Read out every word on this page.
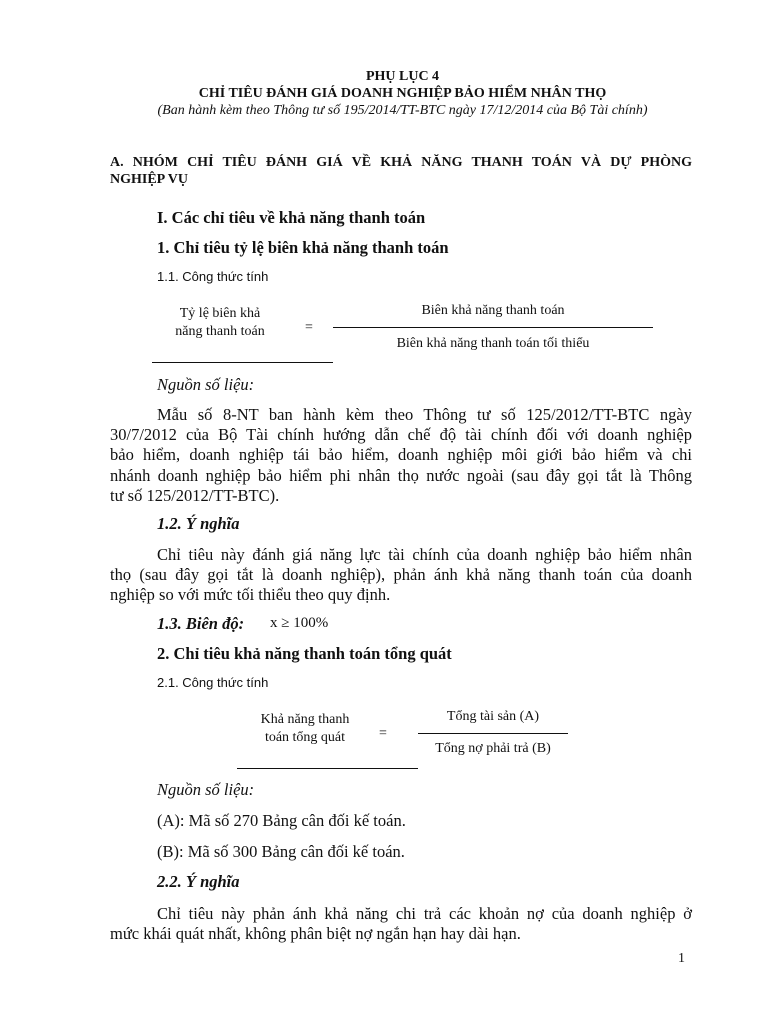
PHỤ LỤC 4
CHỈ TIÊU ĐÁNH GIÁ DOANH NGHIỆP BẢO HIỂM NHÂN THỌ
(Ban hành kèm theo Thông tư số 195/2014/TT-BTC ngày 17/12/2014 của Bộ Tài chính)
A. NHÓM CHỈ TIÊU ĐÁNH GIÁ VỀ KHẢ NĂNG THANH TOÁN VÀ DỰ PHÒNG
NGHIỆP VỤ
I. Các chỉ tiêu về khả năng thanh toán
1. Chỉ tiêu tỷ lệ biên khả năng thanh toán
1.1. Công thức tính
Tỷ lệ biên khả
năng thanh toán	=
Biên khả năng thanh toán
Biên khả năng thanh toán tối thiểu
Nguồn số liệu:
Mẫu số 8-NT ban hành kèm theo Thông tư số 125/2012/TT-BTC ngày
30/7/2012 của Bộ Tài chính hướng dẫn chế độ tài chính đối với doanh nghiệp
bảo hiểm, doanh nghiệp tái bảo hiểm, doanh nghiệp môi giới bảo hiểm và chi
nhánh doanh nghiệp bảo hiểm phi nhân thọ nước ngoài (sau đây gọi tắt là Thông
tư số 125/2012/TT-BTC).
1.2. Ý nghĩa
Chỉ tiêu này đánh giá năng lực tài chính của doanh nghiệp bảo hiểm nhân
thọ (sau đây gọi tắt là doanh nghiệp), phản ánh khả năng thanh toán của doanh
nghiệp so với mức tối thiểu theo quy định.
1.3. Biên độ: x ≥ 100%
2. Chỉ tiêu khả năng thanh toán tổng quát
2.1. Công thức tính
Khả năng thanh
toán tổng quát	=
Tổng tài sản (A)
Tổng nợ phải trả (B)
Nguồn số liệu:
(A): Mã số 270 Bảng cân đối kế toán.
(B): Mã số 300 Bảng cân đối kế toán.
2.2. Ý nghĩa
Chỉ tiêu này phản ánh khả năng chi trả các khoản nợ của doanh nghiệp ở
mức khái quát nhất, không phân biệt nợ ngắn hạn hay dài hạn.
1
